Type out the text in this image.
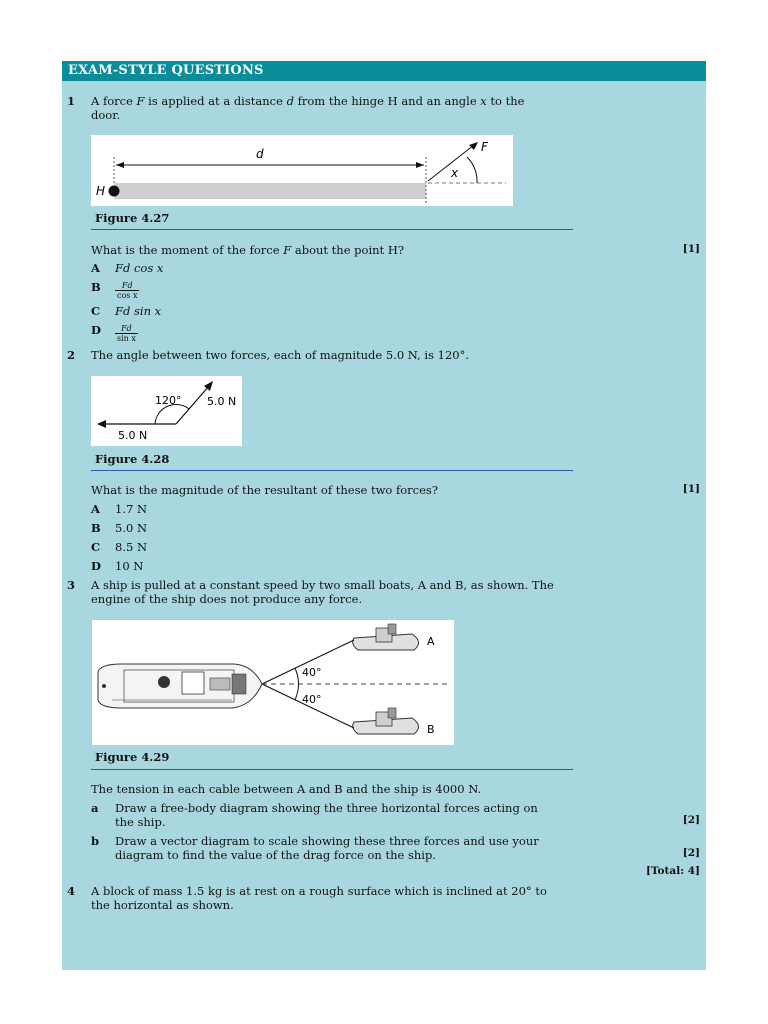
EXAM-STYLE QUESTIONS
1 A force F is applied at a distance d from the hinge H and an angle x to the
door.
d	F
x
H
Figure 4.27
What is the moment of the force F about the point H?	[1]
A Fd cos x
B $\frac{Fd}{\text{cos x}}$
C Fd sin x
D $\frac{Fd}{\text{sin x}}$
2 The angle between two forces, each of magnitude 5.0 N, is 120°.
120° 5.0 N
5.0 N
Figure 4.28
What is the magnitude of the resultant of these two forces?	[1]
A 1.7 N
B 5.0 N
C 8.5 N
D 10 N
3 A ship is pulled at a constant speed by two small boats, A and B, as shown. The
engine of the ship does not produce any force.
40°
40°
A
B
Figure 4.29
The tension in each cable between A and B and the ship is 4000 N.
a Draw a free-body diagram showing the three horizontal forces acting on
the ship.	[2]
b Draw a vector diagram to scale showing these three forces and use your
diagram to find the value of the drag force on the ship.	[2]
[Total: 4]
4 A block of mass 1.5 kg is at rest on a rough surface which is inclined at 20° to
the horizontal as shown.
